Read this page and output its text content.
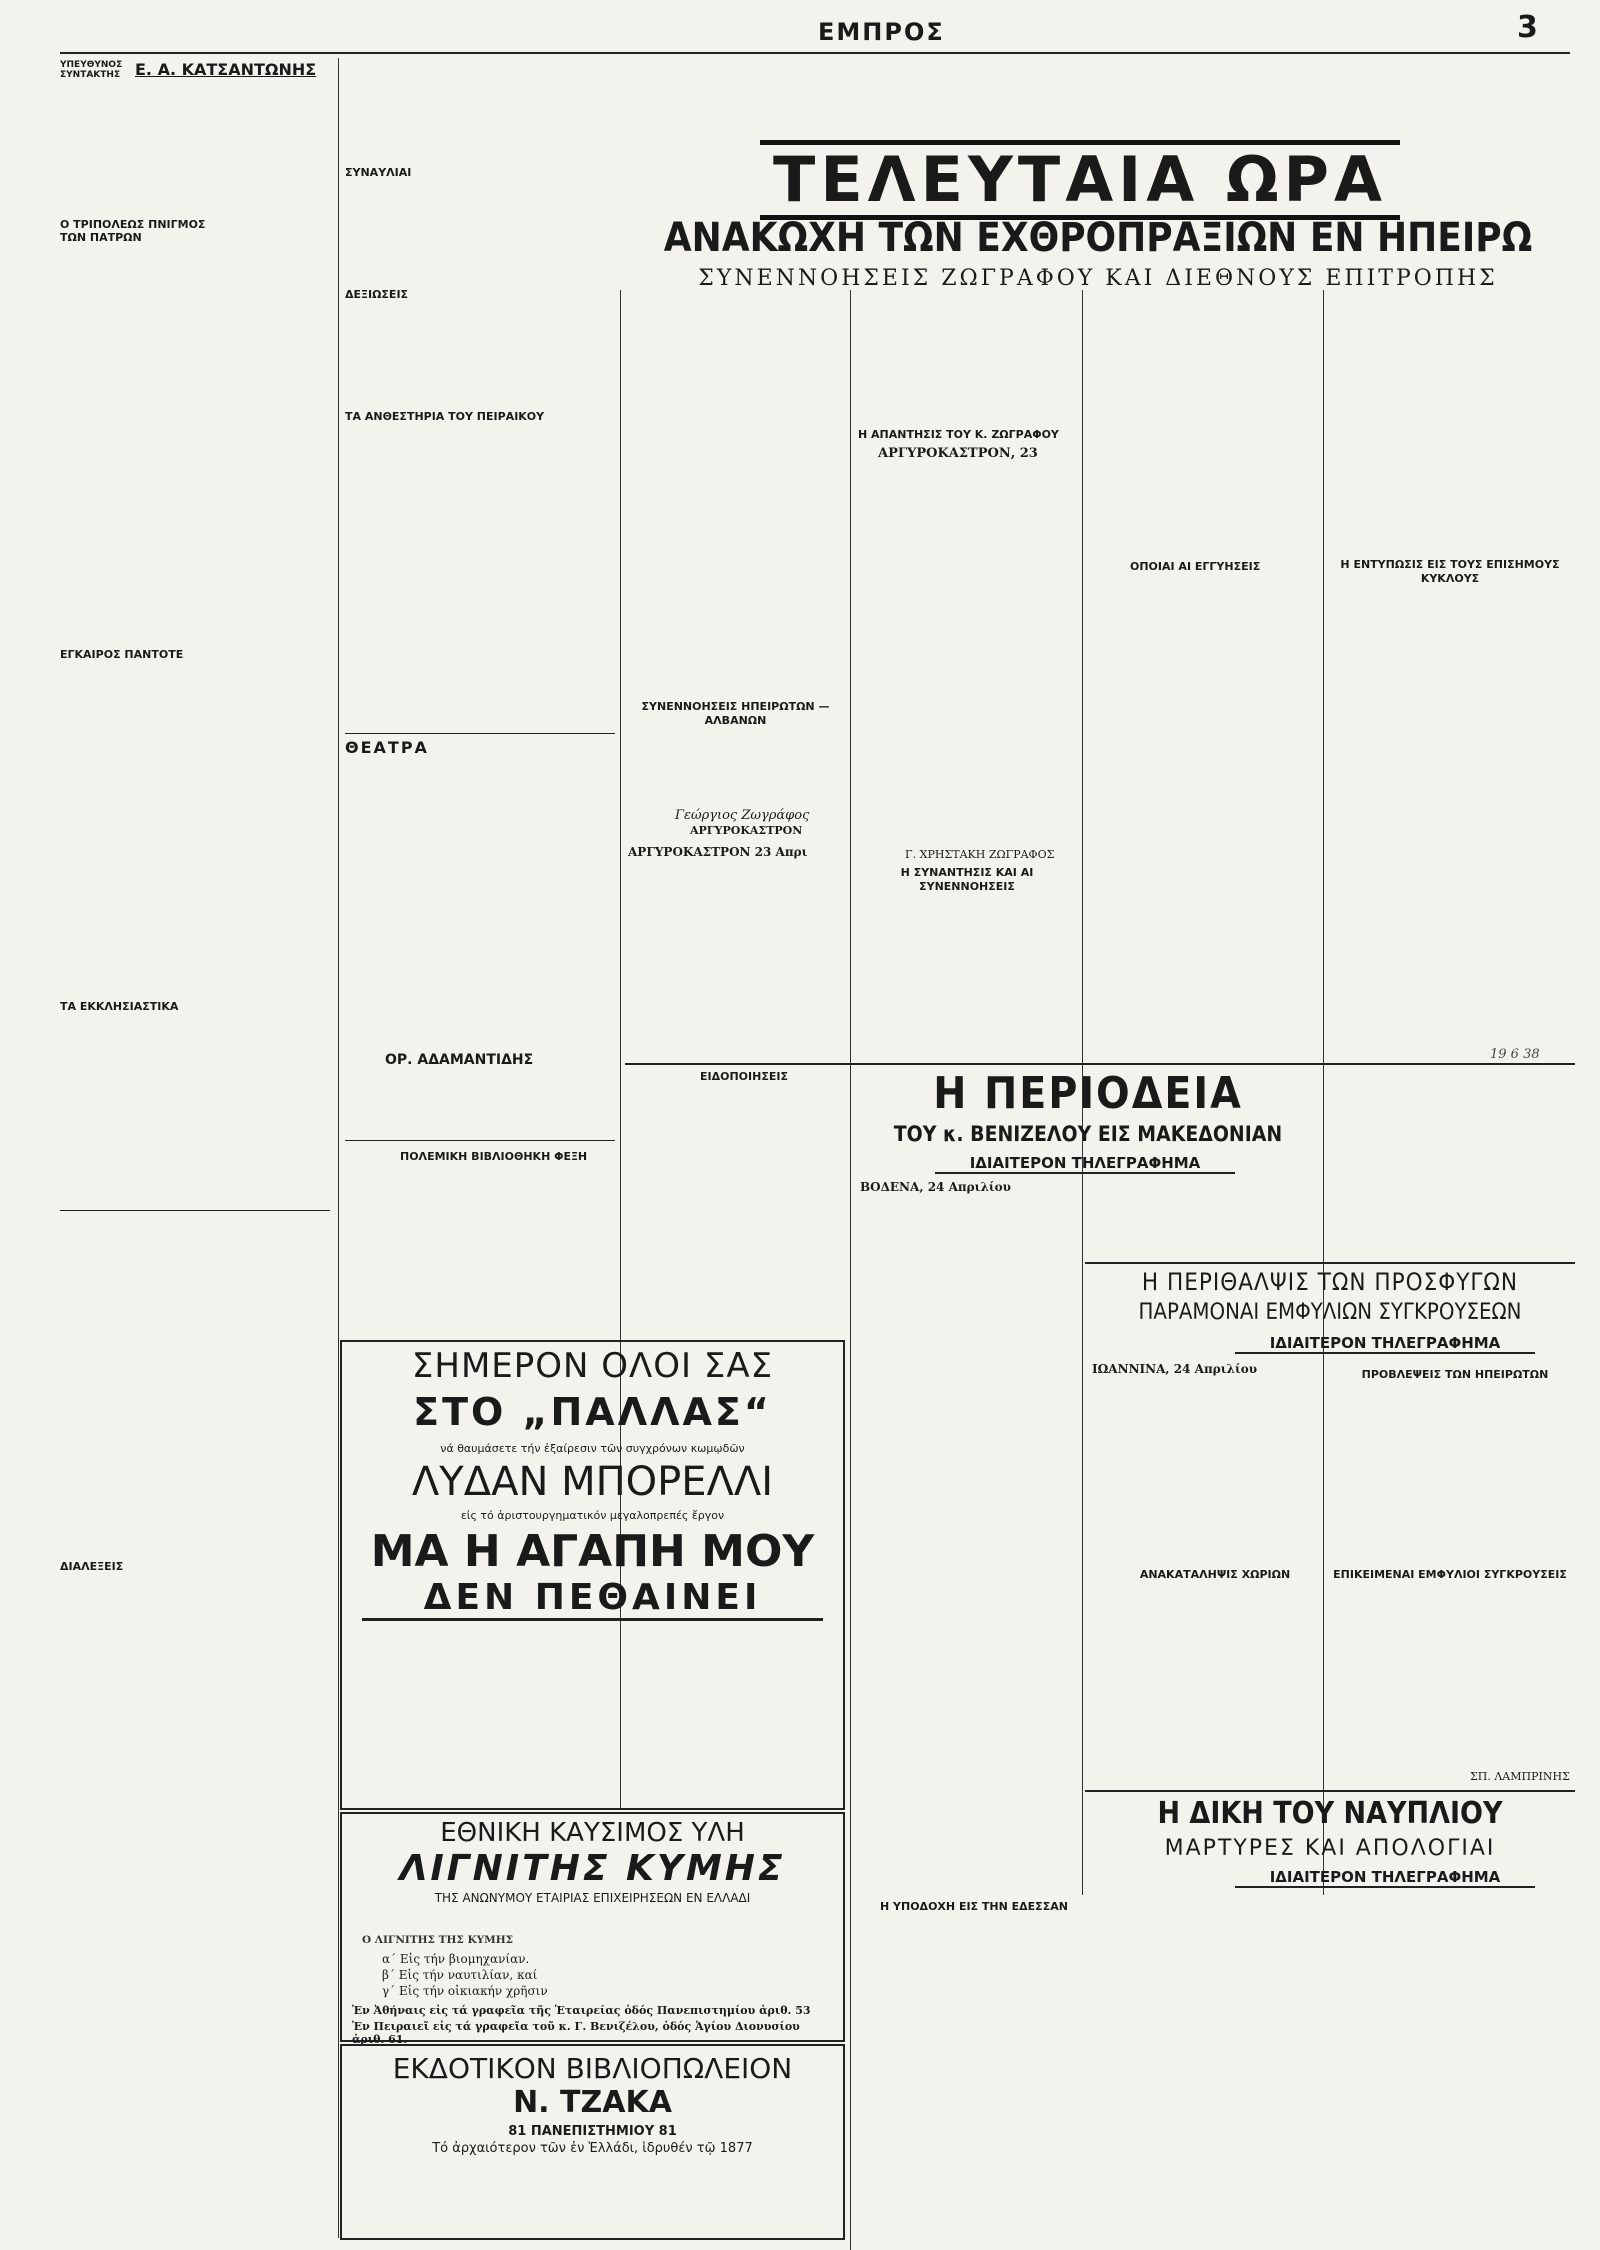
ΕΜΠΡΟΣ	3
ΥΠΕΥΘΥΝΟΣ ΣΥΝΤΑΚΤΗΣ Ε. Α. ΚΑΤΣΑΝΤΩΝΗΣ
Ο ΤΡΙΠΟΛΕΩΣ ΠΝΙΓΜΟΣ ΤΩΝ ΠΑΤΡΩΝ
ΕΓΚΑΙΡΟΣ ΠΑΝΤΟΤΕ
ΤΑ ΕΚΚΛΗΣΙΑΣΤΙΚΑ
ΔΙΑΛΕΞΕΙΣ
ΣΥΝΑΥΛΙΑΙ
ΔΕΞΙΩΣΕΙΣ
ΤΑ ΑΝΘΕΣΤΗΡΙΑ ΤΟΥ ΠΕΙΡΑΙΚΟΥ
ΘΕΑΤΡΑ
ΟΡ. ΑΔΑΜΑΝΤΙΔΗΣ
ΠΟΛΕΜΙΚΗ ΒΙΒΛΙΟΘΗΚΗ ΦΕΞΗ
ΤΕΛΕΥΤΑΙΑ ΩΡΑ
ΑΝΑΚΩΧΗ ΤΩΝ ΕΧΘΡΟΠΡΑΞΙΩΝ ΕΝ ΗΠΕΙΡΩ
ΣΥΝΕΝΝΟΗΣΕΙΣ ΖΩΓΡΑΦΟΥ ΚΑΙ ΔΙΕΘΝΟΥΣ ΕΠΙΤΡΟΠΗΣ
ΣΥΝΕΝΝΟΗΣΕΙΣ ΗΠΕΙΡΩΤΩΝ — ΑΛΒΑΝΩΝ
Γεώργιος Ζωγράφος
ΑΡΓΥΡΟΚΑΣΤΡΟΝ
ΑΡΓΥΡΟΚΑΣΤΡΟΝ 23 Απρι
Η ΑΠΑΝΤΗΣΙΣ ΤΟΥ Κ. ΖΩΓΡΑΦΟΥ
ΑΡΓΥΡΟΚΑΣΤΡΟΝ, 23
Γ. ΧΡΗΣΤΑΚΗ ΖΩΓΡΑΦΟΣ
Η ΣΥΝΑΝΤΗΣΙΣ ΚΑΙ ΑΙ ΣΥΝΕΝΝΟΗΣΕΙΣ
ΟΠΟΙΑΙ ΑΙ ΕΓΓΥΗΣΕΙΣ	Η ΕΝΤΥΠΩΣΙΣ ΕΙΣ ΤΟΥΣ ΕΠΙΣΗΜΟΥΣ ΚΥΚΛΟΥΣ
19 6 38
ΕΙΔΟΠΟΙΗΣΕΙΣ	Η ΠΕΡΙΟΔΕΙΑ
ΤΟΥ κ. ΒΕΝΙΖΕΛΟΥ ΕΙΣ ΜΑΚΕΔΟΝΙΑΝ
ΙΔΙΑΙΤΕΡΟΝ ΤΗΛΕΓΡΑΦΗΜΑ
ΒΟΔΕΝΑ, 24 Απριλίου
Η ΠΕΡΙΘΑΛΨΙΣ ΤΩΝ ΠΡΟΣΦΥΓΩΝ
ΠΑΡΑΜΟΝΑΙ ΕΜΦΥΛΙΩΝ ΣΥΓΚΡΟΥΣΕΩΝ
ΙΔΙΑΙΤΕΡΟΝ ΤΗΛΕΓΡΑΦΗΜΑ
ΙΩΑΝΝΙΝΑ, 24 Απριλίου	ΠΡΟΒΛΕΨΕΙΣ ΤΩΝ ΗΠΕΙΡΩΤΩΝ
ΑΝΑΚΑΤΑΛΗΨΙΣ ΧΩΡΙΩΝ	ΕΠΙΚΕΙΜΕΝΑΙ ΕΜΦΥΛΙΟΙ ΣΥΓΚΡΟΥΣΕΙΣ
ΣΠ. ΛΑΜΠΡΙΝΗΣ
Η ΔΙΚΗ ΤΟΥ ΝΑΥΠΛΙΟΥ
ΜΑΡΤΥΡΕΣ ΚΑΙ ΑΠΟΛΟΓΙΑΙ
ΙΔΙΑΙΤΕΡΟΝ ΤΗΛΕΓΡΑΦΗΜΑ
Η ΥΠΟΔΟΧΗ ΕΙΣ ΤΗΝ ΕΔΕΣΣΑΝ
ΣΗΜΕΡΟΝ ΟΛΟΙ ΣΑΣ
ΣΤΟ „ΠΑΛΛΑΣ“
νά θαυμάσετε τήν ἐξαίρεσιν τῶν συγχρόνων κωμῳδῶν
ΛΥΔΑΝ ΜΠΟΡΕΛΛΙ
εἰς τό ἀριστουργηματικόν μεγαλοπρεπές ἔργον
ΜΑ Η ΑΓΑΠΗ ΜΟΥ
ΔΕΝ ΠΕΘΑΙΝΕΙ
ΕΘΝΙΚΗ ΚΑΥΣΙΜΟΣ ΥΛΗ
ΛΙΓΝΙΤΗΣ ΚΥΜΗΣ
ΤΗΣ ΑΝΩΝΥΜΟΥ ΕΤΑΙΡΙΑΣ ΕΠΙΧΕΙΡΗΣΕΩΝ ΕΝ ΕΛΛΑΔΙ
Ο ΛΙΓΝΙΤΗΣ ΤΗΣ ΚΥΜΗΣ
α΄ Εἰς τήν βιομηχανίαν.
β΄ Εἰς τήν ναυτιλίαν, καί
γ΄ Εἰς τήν οἰκιακήν χρῆσιν
Ἐν Ἀθήναις εἰς τά γραφεῖα τῆς Ἑταιρείας ὁδός Πανεπιστημίου ἀριθ. 53
Ἐν Πειραιεῖ εἰς τά γραφεῖα τοῦ κ. Γ. Βενιζέλου, ὁδός Ἁγίου Διονυσίου ἀριθ. 61.
ΕΚΔΟΤΙΚΟΝ ΒΙΒΛΙΟΠΩΛΕΙΟΝ
Ν. ΤΖΑΚΑ
81 ΠΑΝΕΠΙΣΤΗΜΙΟΥ 81
Τό ἀρχαιότερον τῶν ἐν Ἑλλάδι, ἱδρυθέν τῷ 1877
